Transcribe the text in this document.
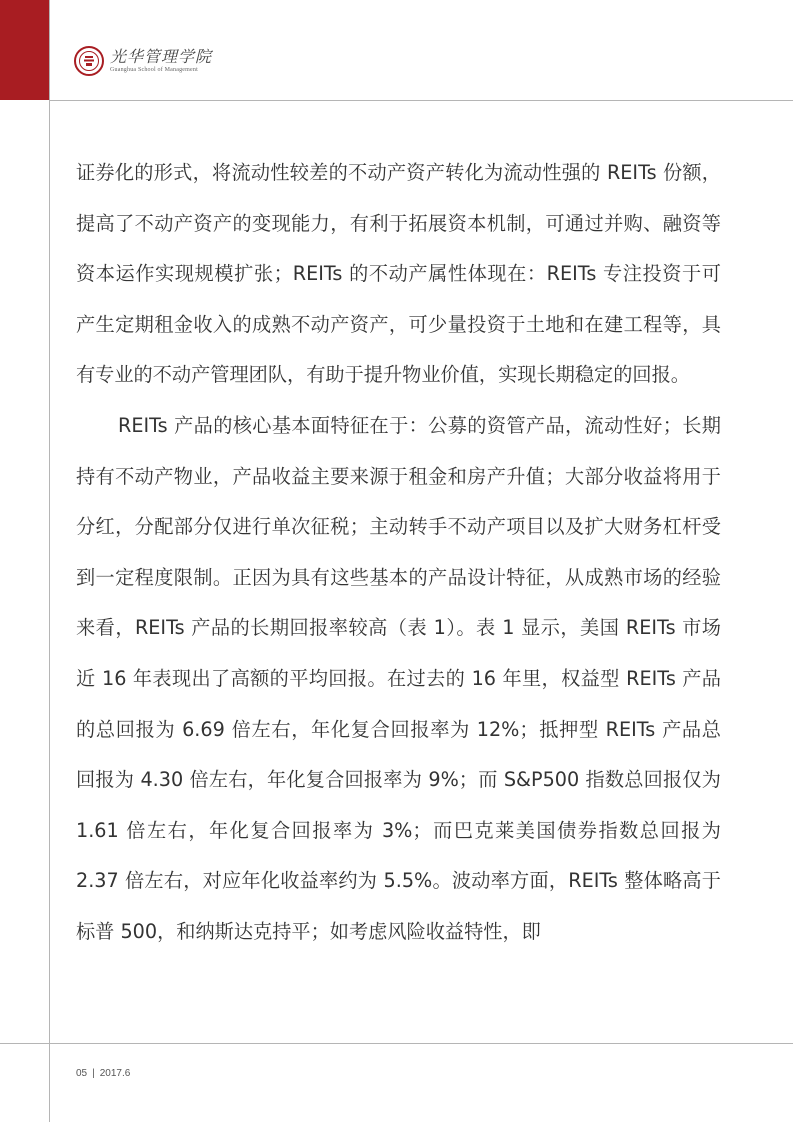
光华管理学院
Guanghua School of Management

证券化的形式，将流动性较差的不动产资产转化为流动性强的 REITs 份额，提高了不动产资产的变现能力，有利于拓展资本机制，可通过并购、融资等资本运作实现规模扩张；REITs 的不动产属性体现在：REITs 专注投资于可产生定期租金收入的成熟不动产资产，可少量投资于土地和在建工程等，具有专业的不动产管理团队，有助于提升物业价值，实现长期稳定的回报。

REITs 产品的核心基本面特征在于：公募的资管产品，流动性好；长期持有不动产物业，产品收益主要来源于租金和房产升值；大部分收益将用于分红，分配部分仅进行单次征税；主动转手不动产项目以及扩大财务杠杆受到一定程度限制。正因为具有这些基本的产品设计特征，从成熟市场的经验来看，REITs 产品的长期回报率较高（表 1）。表 1 显示，美国 REITs 市场近 16 年表现出了高额的平均回报。在过去的 16 年里，权益型 REITs 产品的总回报为 6.69 倍左右，年化复合回报率为 12%；抵押型 REITs 产品总回报为 4.30 倍左右，年化复合回报率为 9%；而 S&P500 指数总回报仅为 1.61 倍左右，年化复合回报率为 3%；而巴克莱美国债券指数总回报为 2.37 倍左右，对应年化收益率约为 5.5%。波动率方面，REITs 整体略高于标普 500，和纳斯达克持平；如考虑风险收益特性，即

05 | 2017.6
